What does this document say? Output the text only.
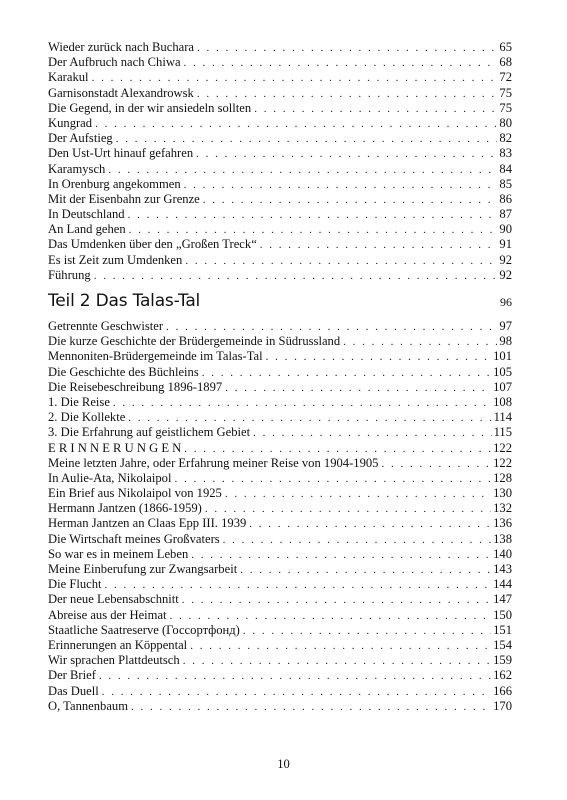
Wieder zurück nach Buchara . . .	65
Der Aufbruch nach Chiwa . . .	68
Karakul . . .	72
Garnisonstadt Alexandrowsk . . .	75
Die Gegend, in der wir ansiedeln sollten . . .	75
Kungrad . . .	80
Der Aufstieg . . .	82
Den Ust-Urt hinauf gefahren . . .	83
Karamysch . . .	84
In Orenburg angekommen . . .	85
Mit der Eisenbahn zur Grenze . . .	86
In Deutschland . . .	87
An Land gehen . . .	90
Das Umdenken über den „Großen Treck“ . . .	91
Es ist Zeit zum Umdenken . . .	92
Führung . . .	92
Teil 2 Das Talas-Tal	96
Getrennte Geschwister . . .	97
Die kurze Geschichte der Brüdergemeinde in Südrussland . . .	98
Mennoniten-Brüdergemeinde im Talas-Tal . . .	101
Die Geschichte des Büchleins . . .	105
Die Reisebeschreibung 1896-1897 . . .	107
1. Die Reise . . .	108
2. Die Kollekte . . .	114
3. Die Erfahrung auf geistlichem Gebiet . . .	115
E R I N N E R U N G E N . . .	122
Meine letzten Jahre, oder Erfahrung meiner Reise von 1904-1905 . . .	122
In Aulie-Ata, Nikolaipol . . .	128
Ein Brief aus Nikolaipol von 1925 . . .	130
Hermann Jantzen (1866-1959) . . .	132
Herman Jantzen an Claas Epp III. 1939 . . .	136
Die Wirtschaft meines Großvaters . . .	138
So war es in meinem Leben . . .	140
Meine Einberufung zur Zwangsarbeit . . .	143
Die Flucht . . .	144
Der neue Lebensabschnitt . . .	147
Abreise aus der Heimat . . .	150
Staatliche Saatreserve (Госсортфонд) . . .	151
Erinnerungen an Köppental . . .	154
Wir sprachen Plattdeutsch . . .	159
Der Brief . . .	162
Das Duell . . .	166
O, Tannenbaum . . .	170
10
